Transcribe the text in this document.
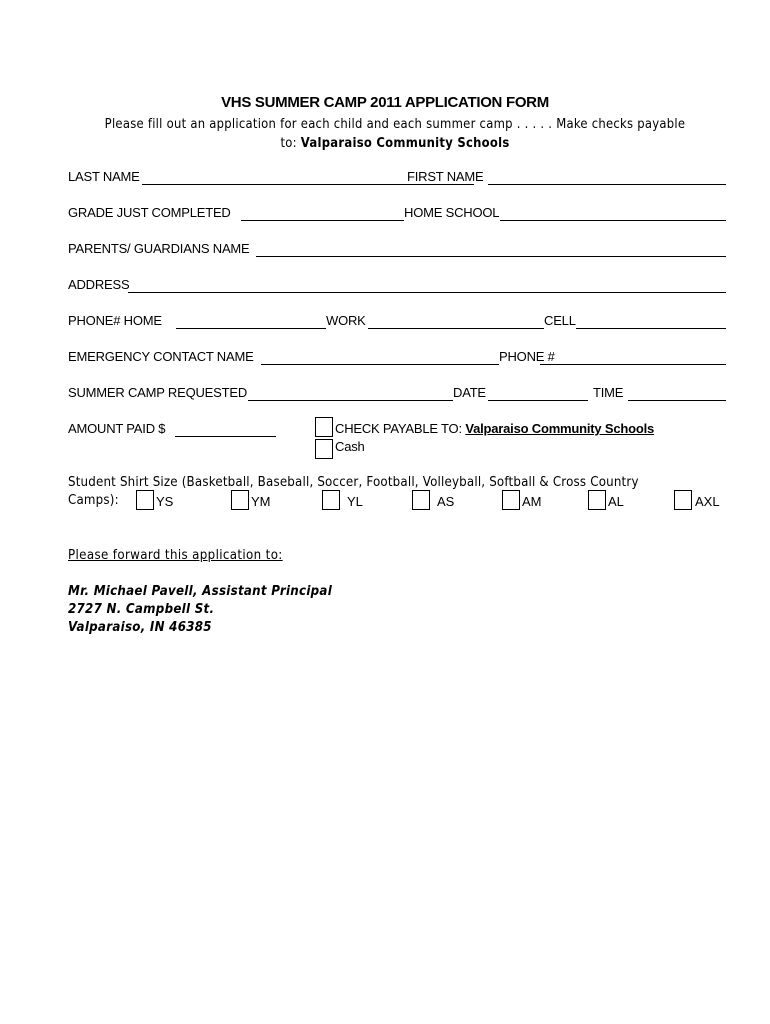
VHS SUMMER CAMP 2011 APPLICATION FORM
Please fill out an application for each child and each summer camp . . . . . Make checks payable
to: Valparaiso Community Schools
LAST NAME	FIRST NAME
GRADE JUST COMPLETED	HOME SCHOOL
PARENTS/ GUARDIANS NAME
ADDRESS
PHONE# HOME	WORK	CELL
EMERGENCY CONTACT NAME	PHONE #
SUMMER CAMP REQUESTED	DATE	TIME
AMOUNT PAID $	CHECK PAYABLE TO: Valparaiso Community Schools
Cash
Student Shirt Size (Basketball, Baseball, Soccer, Football, Volleyball, Softball & Cross Country
Camps):	YS	YM	YL	AS	AM	AL	AXL
Please forward this application to:
Mr. Michael Pavell, Assistant Principal
2727 N. Campbell St.
Valparaiso, IN 46385
